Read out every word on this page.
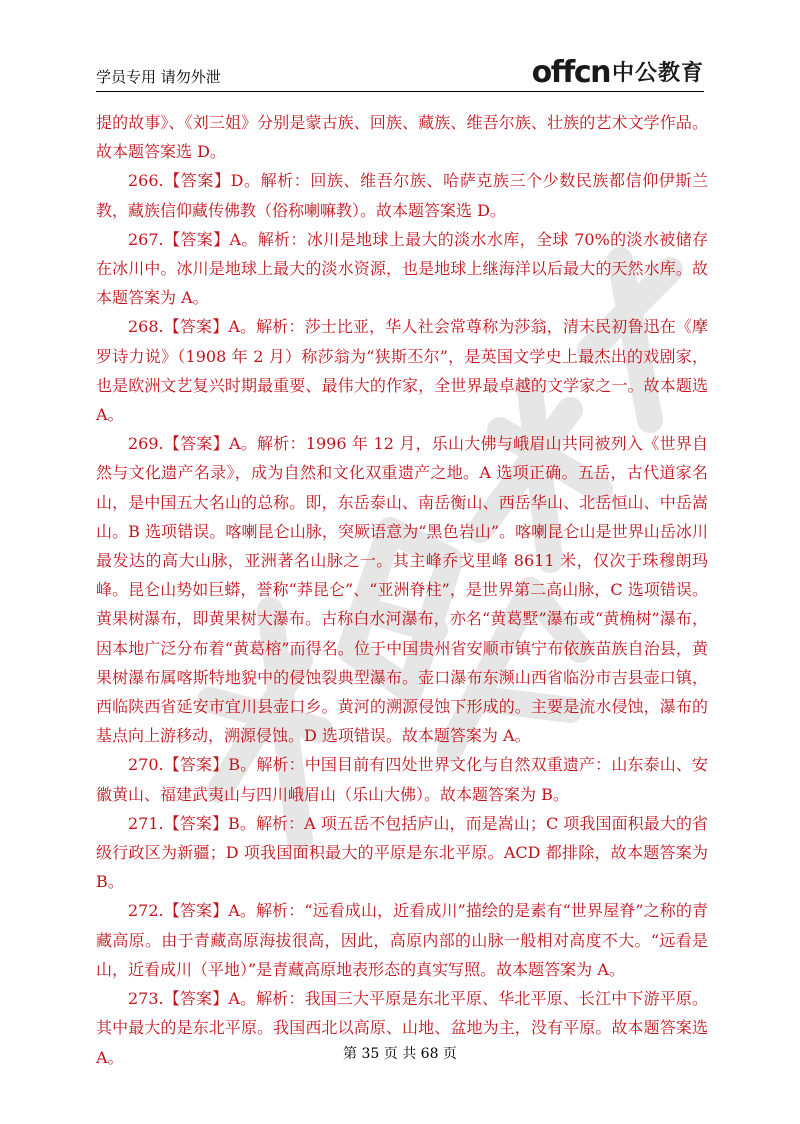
学员专用 请勿外泄	offcn 中公教育

提的故事》、《刘三姐》分别是蒙古族、回族、藏族、维吾尔族、壮族的艺术文学作品。故本题答案选 D。

266.【答案】D。解析：回族、维吾尔族、哈萨克族三个少数民族都信仰伊斯兰教，藏族信仰藏传佛教（俗称喇嘛教）。故本题答案选 D。

267.【答案】A。解析：冰川是地球上最大的淡水水库，全球 70%的淡水被储存在冰川中。冰川是地球上最大的淡水资源，也是地球上继海洋以后最大的天然水库。故本题答案为 A。

268.【答案】A。解析：莎士比亚，华人社会常尊称为莎翁，清末民初鲁迅在《摩罗诗力说》（1908 年 2 月）称莎翁为“狭斯丕尔”，是英国文学史上最杰出的戏剧家，也是欧洲文艺复兴时期最重要、最伟大的作家，全世界最卓越的文学家之一。故本题选 A。

269.【答案】A。解析：1996 年 12 月，乐山大佛与峨眉山共同被列入《世界自然与文化遗产名录》，成为自然和文化双重遗产之地。A 选项正确。五岳，古代道家名山，是中国五大名山的总称。即，东岳泰山、南岳衡山、西岳华山、北岳恒山、中岳嵩山。B 选项错误。喀喇昆仑山脉，突厥语意为“黑色岩山”。喀喇昆仑山是世界山岳冰川最发达的高大山脉，亚洲著名山脉之一。其主峰乔戈里峰 8611 米，仅次于珠穆朗玛峰。昆仑山势如巨蟒，誉称“莽昆仑”、“亚洲脊柱”，是世界第二高山脉，C 选项错误。黄果树瀑布，即黄果树大瀑布。古称白水河瀑布，亦名“黄葛墅”瀑布或“黄桷树”瀑布，因本地广泛分布着“黄葛榕”而得名。位于中国贵州省安顺市镇宁布依族苗族自治县，黄果树瀑布属喀斯特地貌中的侵蚀裂典型瀑布。壶口瀑布东濒山西省临汾市吉县壶口镇，西临陕西省延安市宜川县壶口乡。黄河的溯源侵蚀下形成的。主要是流水侵蚀，瀑布的基点向上游移动，溯源侵蚀。D 选项错误。故本题答案为 A。

270.【答案】B。解析：中国目前有四处世界文化与自然双重遗产：山东泰山、安徽黄山、福建武夷山与四川峨眉山（乐山大佛）。故本题答案为 B。

271.【答案】B。解析：A 项五岳不包括庐山，而是嵩山；C 项我国面积最大的省级行政区为新疆；D 项我国面积最大的平原是东北平原。ACD 都排除，故本题答案为 B。

272.【答案】A。解析：“远看成山，近看成川”描绘的是素有“世界屋脊”之称的青藏高原。由于青藏高原海拔很高，因此，高原内部的山脉一般相对高度不大。“远看是山，近看成川（平地）”是青藏高原地表形态的真实写照。故本题答案为 A。

273.【答案】A。解析：我国三大平原是东北平原、华北平原、长江中下游平原。其中最大的是东北平原。我国西北以高原、山地、盆地为主，没有平原。故本题答案选 A。	第 35 页 共 68 页
